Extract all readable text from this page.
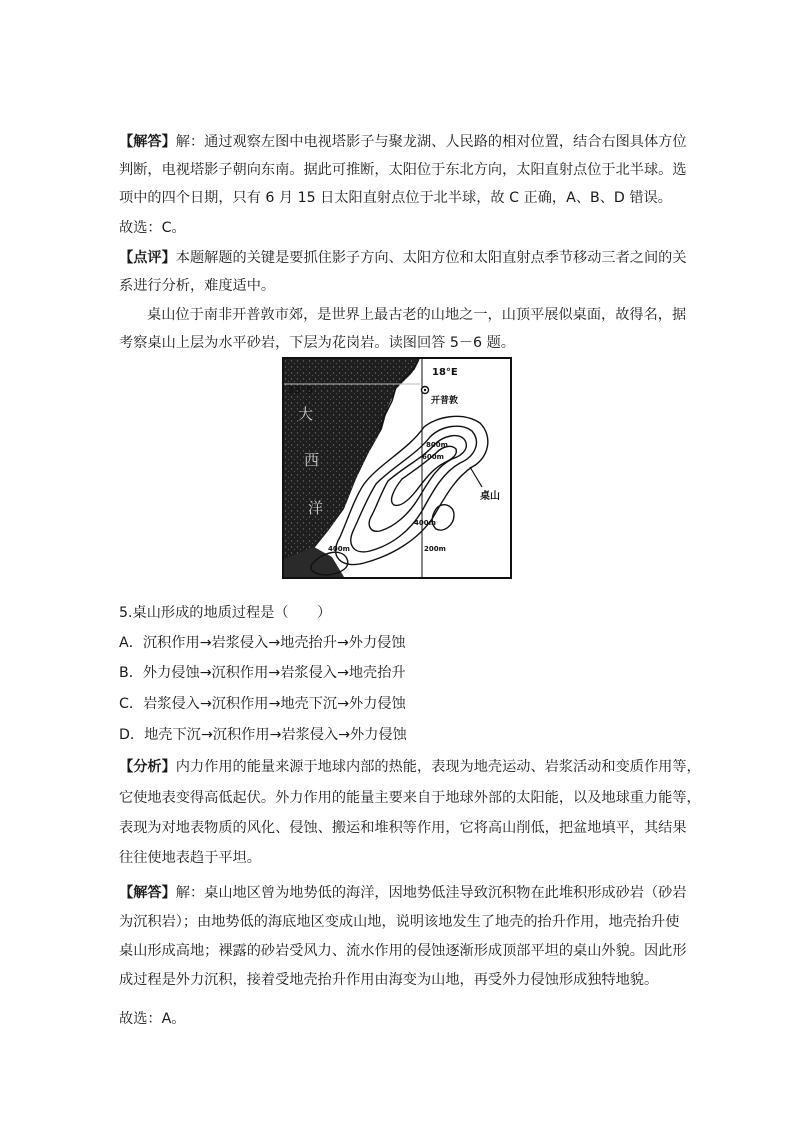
【解答】解：通过观察左图中电视塔影子与聚龙湖、人民路的相对位置，结合右图具体方位
判断，电视塔影子朝向东南。据此可推断，太阳位于东北方向，太阳直射点位于北半球。选
项中的四个日期，只有 6 月 15 日太阳直射点位于北半球，故 C 正确，A、B、D 错误。
故选：C。
【点评】本题解题的关键是要抓住影子方向、太阳方位和太阳直射点季节移动三者之间的关
系进行分析，难度适中。
桌山位于南非开普敦市郊，是世界上最古老的山地之一，山顶平展似桌面，故得名，据
考察桌山上层为水平砂岩，下层为花岗岩。读图回答 5－6 题。
33°S
18°E
开普敦
桌山
大
西
洋
800m
600m
400m
200m
400m
5.桌山形成的地质过程是（　　）
A．沉积作用→岩浆侵入→地壳抬升→外力侵蚀
B．外力侵蚀→沉积作用→岩浆侵入→地壳抬升
C．岩浆侵入→沉积作用→地壳下沉→外力侵蚀
D．地壳下沉→沉积作用→岩浆侵入→外力侵蚀
【分析】内力作用的能量来源于地球内部的热能，表现为地壳运动、岩浆活动和变质作用等，
它使地表变得高低起伏。外力作用的能量主要来自于地球外部的太阳能，以及地球重力能等，
表现为对地表物质的风化、侵蚀、搬运和堆积等作用，它将高山削低，把盆地填平，其结果
往往使地表趋于平坦。
【解答】解：桌山地区曾为地势低的海洋，因地势低洼导致沉积物在此堆积形成砂岩（砂岩
为沉积岩）；由地势低的海底地区变成山地，说明该地发生了地壳的抬升作用，地壳抬升使
桌山形成高地；裸露的砂岩受风力、流水作用的侵蚀逐渐形成顶部平坦的桌山外貌。因此形
成过程是外力沉积，接着受地壳抬升作用由海变为山地，再受外力侵蚀形成独特地貌。
故选：A。
